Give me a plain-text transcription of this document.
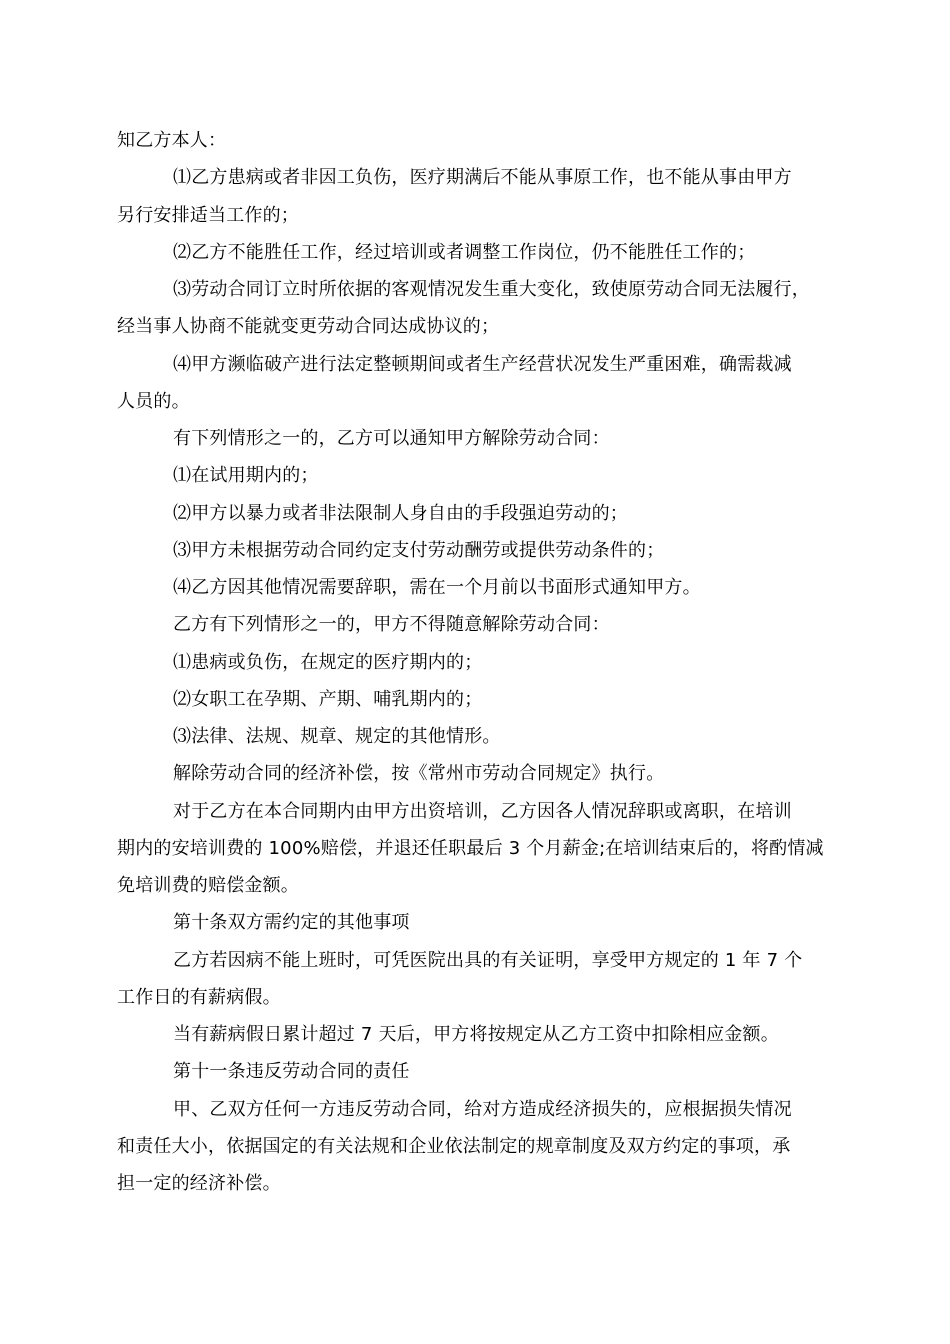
知乙方本人：
⑴乙方患病或者非因工负伤，医疗期满后不能从事原工作，也不能从事由甲方
另行安排适当工作的；
⑵乙方不能胜任工作，经过培训或者调整工作岗位，仍不能胜任工作的；
⑶劳动合同订立时所依据的客观情况发生重大变化，致使原劳动合同无法履行，
经当事人协商不能就变更劳动合同达成协议的；
⑷甲方濒临破产进行法定整顿期间或者生产经营状况发生严重困难，确需裁减
人员的。
有下列情形之一的，乙方可以通知甲方解除劳动合同：
⑴在试用期内的；
⑵甲方以暴力或者非法限制人身自由的手段强迫劳动的；
⑶甲方未根据劳动合同约定支付劳动酬劳或提供劳动条件的；
⑷乙方因其他情况需要辞职，需在一个月前以书面形式通知甲方。
乙方有下列情形之一的，甲方不得随意解除劳动合同：
⑴患病或负伤，在规定的医疗期内的；
⑵女职工在孕期、产期、哺乳期内的；
⑶法律、法规、规章、规定的其他情形。
解除劳动合同的经济补偿，按《常州市劳动合同规定》执行。
对于乙方在本合同期内由甲方出资培训，乙方因各人情况辞职或离职，在培训
期内的安培训费的 100%赔偿，并退还任职最后 3 个月薪金;在培训结束后的，将酌情减
免培训费的赔偿金额。
第十条双方需约定的其他事项
乙方若因病不能上班时，可凭医院出具的有关证明，享受甲方规定的 1 年 7 个
工作日的有薪病假。
当有薪病假日累计超过 7 天后，甲方将按规定从乙方工资中扣除相应金额。
第十一条违反劳动合同的责任
甲、乙双方任何一方违反劳动合同，给对方造成经济损失的，应根据损失情况
和责任大小，依据国定的有关法规和企业依法制定的规章制度及双方约定的事项，承
担一定的经济补偿。
